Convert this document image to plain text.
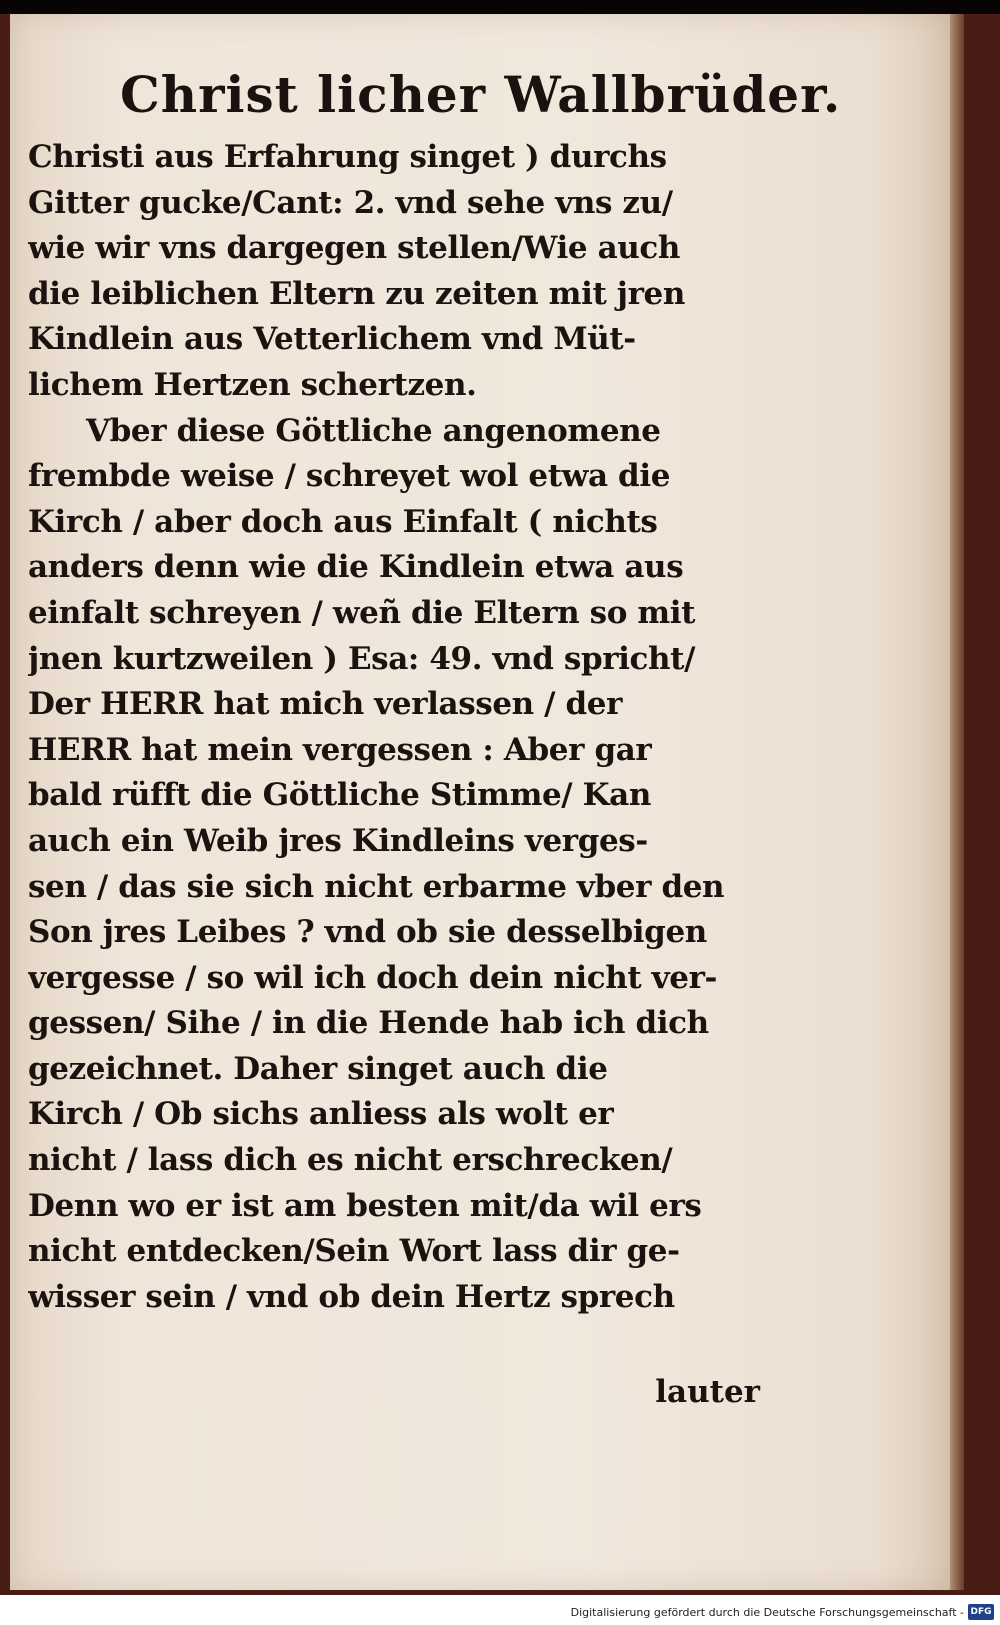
Christ licher Wallbrüder.
Christi aus Erfahrung singet ) durchs
Gitter gucke/Cant: 2. vnd sehe vns zu/
wie wir vns dargegen stellen/Wie auch
die leiblichen Eltern zu zeiten mit jren
Kindlein aus Vetterlichem vnd Müt-
lichem Hertzen schertzen.
Vber diese Göttliche angenomene
frembde weise / schreyet wol etwa die
Kirch / aber doch aus Einfalt ( nichts
anders denn wie die Kindlein etwa aus
einfalt schreyen / weñ die Eltern so mit
jnen kurtzweilen ) Esa: 49. vnd spricht/
Der HERR hat mich verlassen / der
HERR hat mein vergessen : Aber gar
bald rüfft die Göttliche Stimme/ Kan
auch ein Weib jres Kindleins verges-
sen / das sie sich nicht erbarme vber den
Son jres Leibes ? vnd ob sie desselbigen
vergesse / so wil ich doch dein nicht ver-
gessen/ Sihe / in die Hende hab ich dich
gezeichnet. Daher singet auch die
Kirch / Ob sichs anliess als wolt er
nicht / lass dich es nicht erschrecken/
Denn wo er ist am besten mit/da wil ers
nicht entdecken/Sein Wort lass dir ge-
wisser sein / vnd ob dein Hertz sprech
lauter
Digitalisierung gefördert durch die Deutsche Forschungsgemeinschaft - DFG
